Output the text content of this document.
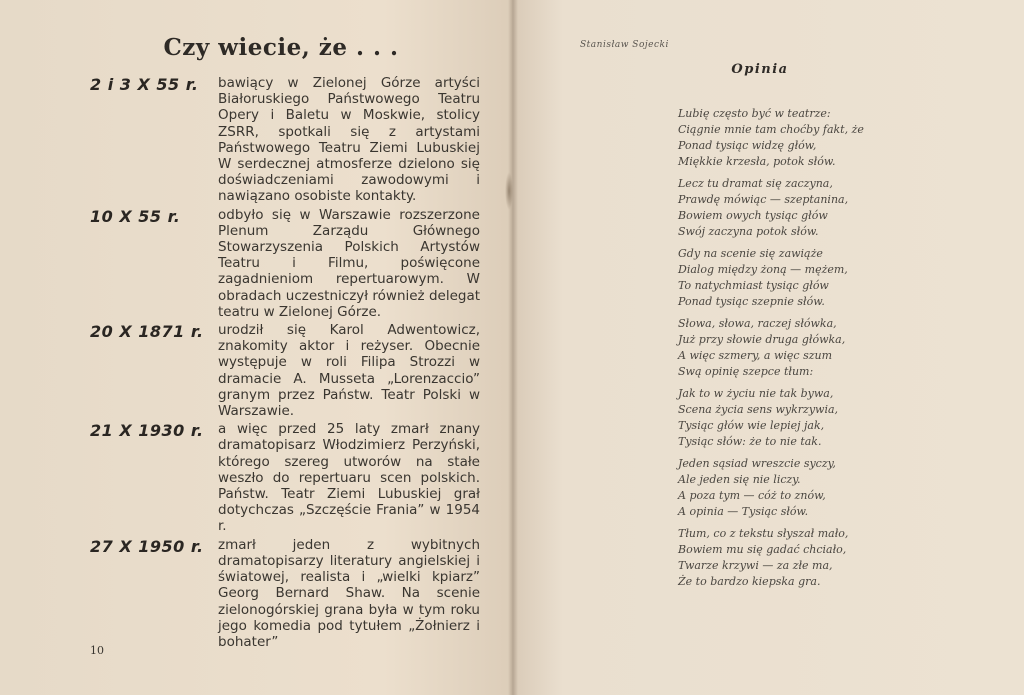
Czy wiecie, że . . .
2 i 3 X 55 r.	bawiący w Zielonej Górze artyści Białoruskiego Państwowego Teatru Opery i Baletu w Moskwie, stolicy ZSRR, spotkali się z artystami Państwowego Teatru Ziemi Lubuskiej W serdecznej atmosferze dzielono się doświadczeniami zawodowymi i nawiązano osobiste kontakty.
10 X 55 r.	odbyło się w Warszawie rozszerzone Plenum Zarządu Głównego Stowarzyszenia Polskich Artystów Teatru i Filmu, poświęcone zagadnieniom repertuarowym. W obradach uczestniczył również delegat teatru w Zielonej Górze.
20 X 1871 r.	urodził się Karol Adwentowicz, znakomity aktor i reżyser. Obecnie występuje w roli Filipa Strozzi w dramacie A. Musseta „Lorenzaccio” granym przez Państw. Teatr Polski w Warszawie.
21 X 1930 r.	a więc przed 25 laty zmarł znany dramatopisarz Włodzimierz Perzyński, którego szereg utworów na stałe weszło do repertuaru scen polskich. Państw. Teatr Ziemi Lubuskiej grał dotychczas „Szczęście Frania” w 1954 r.
27 X 1950 r.	zmarł jeden z wybitnych dramatopisarzy literatury angielskiej i światowej, realista i „wielki kpiarz” Georg Bernard Shaw. Na scenie zielonogórskiej grana była w tym roku jego komedia pod tytułem „Żołnierz i bohater”
10
Stanisław Sojecki
Opinia
Lubię często być w teatrze:
Ciągnie mnie tam choćby fakt, że
Ponad tysiąc widzę głów,
Miękkie krzesła, potok słów.
Lecz tu dramat się zaczyna,
Prawdę mówiąc — szeptanina,
Bowiem owych tysiąc głów
Swój zaczyna potok słów.
Gdy na scenie się zawiąże
Dialog między żoną — mężem,
To natychmiast tysiąc głów
Ponad tysiąc szepnie słów.
Słowa, słowa, raczej słówka,
Już przy słowie druga główka,
A więc szmery, a więc szum
Swą opinię szepce tłum:
Jak to w życiu nie tak bywa,
Scena życia sens wykrzywia,
Tysiąc głów wie lepiej jak,
Tysiąc słów: że to nie tak.
Jeden sąsiad wreszcie syczy,
Ale jeden się nie liczy.
A poza tym — cóż to znów,
A opinia — Tysiąc słów.
Tłum, co z tekstu słyszał mało,
Bowiem mu się gadać chciało,
Twarze krzywi — za złe ma,
Że to bardzo kiepska gra.
